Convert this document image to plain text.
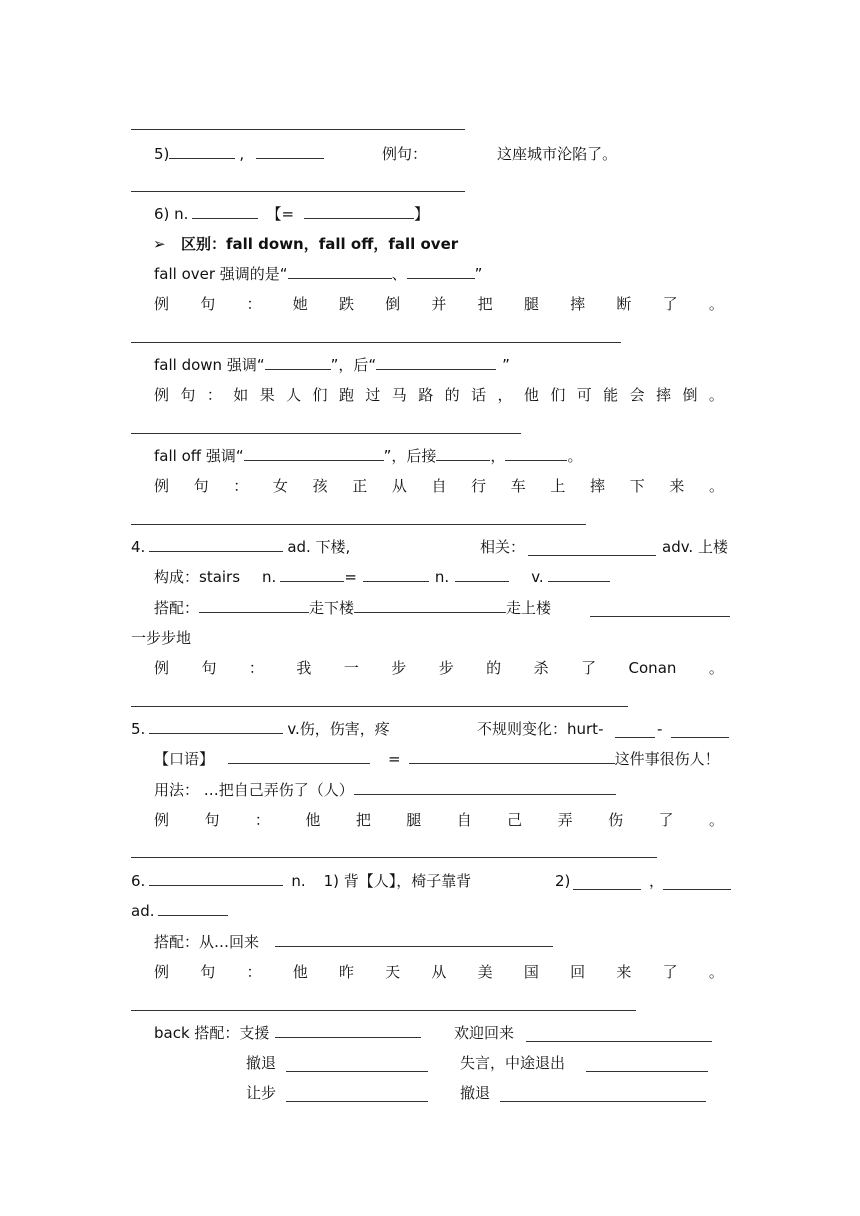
5)	,	例句：	这座城市沦陷了。
6) n.	【=	】
➢ 区别：fall down，fall off，fall over
fall over 强调的是“	、	”
例 句 ： 她 跌 倒 并 把 腿 摔 断 了 。
fall down 强调“	”，后“	”
例 句 ： 如 果 人 们 跑 过 马 路 的 话 ， 他 们 可 能 会 摔 倒 。
fall off 强调“	”，后接	，	。
例 句 ： 女 孩 正 从 自 行 车 上 摔 下 来 。
4.	ad. 下楼,	相关：	adv. 上楼
构成：stairs n.	=	n.	v.
搭配：	走下楼	走上楼
一步步地
例 句 ： 我 一 步 步 的 杀 了 Conan 。
5.	v.伤，伤害，疼	不规则变化：hurt-	-
【口语】	=	这件事很伤人！
用法： …把自己弄伤了（人）
例 句 ： 他 把 腿 自 己 弄 伤 了 。
6.	n. 1) 背【人】，椅子靠背	2)	，
ad.
搭配：从…回来
例 句 ： 他 昨 天 从 美 国 回 来 了 。
back 搭配：支援	欢迎回来
撤退	失言，中途退出
让步	撤退
